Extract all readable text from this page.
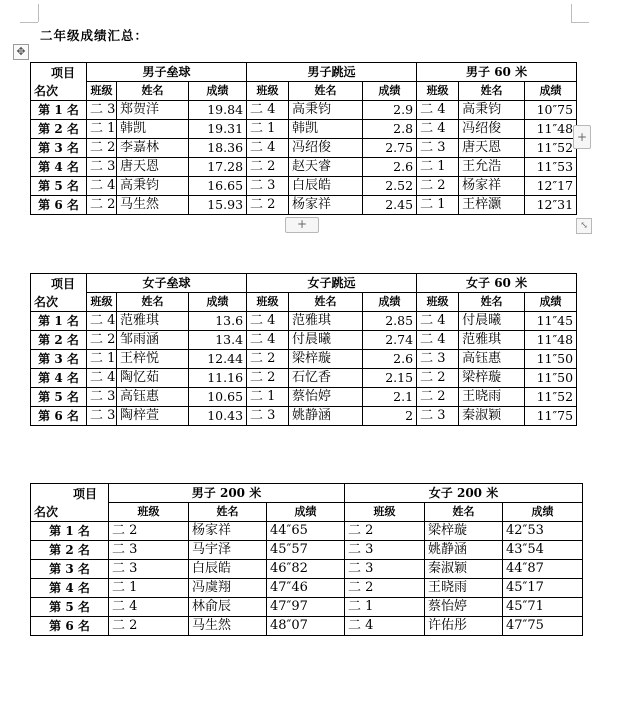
二年级成绩汇总：
✥
项目
名次	男子垒球			男子跳远			男子 60 米		
	班级	姓名	成绩	班级	姓名	成绩	班级	姓名	成绩
第 1 名	二 3	郑贺洋	19.84	二 4	高秉钧	2.9	二 4	高秉钧	10″75
第 2 名	二 1	韩凯	19.31	二 1	韩凯	2.8	二 4	冯绍俊	11″48
第 3 名	二 2	李嘉林	18.36	二 4	冯绍俊	2.75	二 3	唐天恩	11″52
第 4 名	二 3	唐天恩	17.28	二 2	赵天睿	2.6	二 1	王允浩	11″53
第 5 名	二 4	高秉钧	16.65	二 3	白辰皓	2.52	二 2	杨家祥	12″17
第 6 名	二 2	马生然	15.93	二 2	杨家祥	2.45	二 1	王梓灏	12″31
+
+
⤡
项目
名次	女子垒球			女子跳远			女子 60 米		
	班级	姓名	成绩	班级	姓名	成绩	班级	姓名	成绩
第 1 名	二 4	范雅琪	13.6	二 4	范雅琪	2.85	二 4	付晨曦	11″45
第 2 名	二 2	邹雨涵	13.4	二 4	付晨曦	2.74	二 4	范雅琪	11″48
第 3 名	二 1	王梓悦	12.44	二 2	梁梓璇	2.6	二 3	高钰惠	11″50
第 4 名	二 4	陶忆茹	11.16	二 2	石忆香	2.15	二 2	梁梓璇	11″50
第 5 名	二 3	高钰惠	10.65	二 1	蔡怡婷	2.1	二 2	王晓雨	11″52
第 6 名	二 3	陶梓萱	10.43	二 3	姚静涵	2	二 3	秦淑颖	11″75
项目
名次	男子 200 米			女子 200 米		
	班级	姓名	成绩	班级	姓名	成绩
第 1 名	二 2	杨家祥	44″65	二 2	梁梓璇	42″53
第 2 名	二 3	马宇泽	45″57	二 3	姚静涵	43″54
第 3 名	二 3	白辰皓	46″82	二 3	秦淑颖	44″87
第 4 名	二 1	冯虞翔	47″46	二 2	王晓雨	45″17
第 5 名	二 4	林俞辰	47″97	二 1	蔡怡婷	45″71
第 6 名	二 2	马生然	48″07	二 4	许佑彤	47″75
